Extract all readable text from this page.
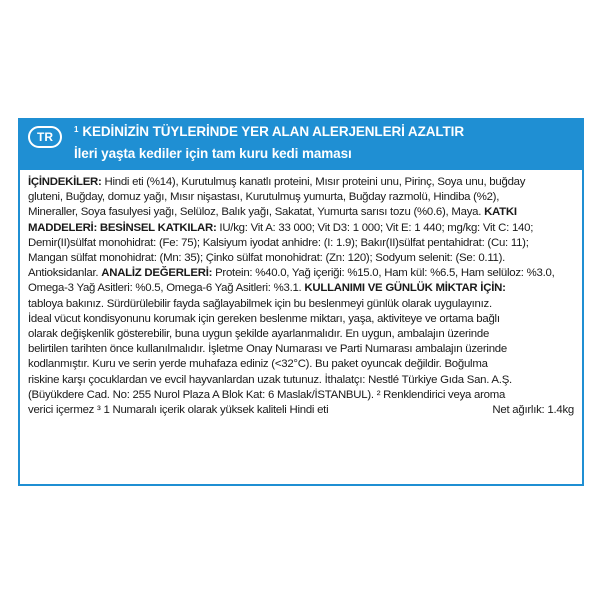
TR
$^1$ KEDİNİZİN TÜYLERİNDE YER ALAN ALERJENLERİ AZALTIR
İleri yaşta kediler için tam kuru kedi maması
İÇİNDEKİLER: Hindi eti (%14), Kurutulmuş kanatlı proteini, Mısır proteini unu, Pirinç, Soya unu, buğday
gluteni, Buğday, domuz yağı, Mısır nişastası, Kurutulmuş yumurta, Buğday razmolü, Hindiba (%2),
Mineraller, Soya fasulyesi yağı, Selüloz, Balık yağı, Sakatat, Yumurta sarısı tozu (%0.6), Maya. KATKI
MADDELERİ: BESİNSEL KATKILAR: IU/kg: Vit A: 33 000; Vit D3: 1 000; Vit E: 1 440; mg/kg: Vit C: 140;
Demir(II)sülfat monohidrat: (Fe: 75); Kalsiyum iyodat anhidre: (I: 1.9); Bakır(II)sülfat pentahidrat: (Cu: 11);
Mangan sülfat monohidrat: (Mn: 35); Çinko sülfat monohidrat: (Zn: 120); Sodyum selenit: (Se: 0.11).
Antioksidanlar. ANALİZ DEĞERLERİ: Protein: %40.0, Yağ içeriği: %15.0, Ham kül: %6.5, Ham selüloz: %3.0,
Omega-3 Yağ Asitleri: %0.5, Omega-6 Yağ Asitleri: %3.1. KULLANIMI VE GÜNLÜK MİKTAR İÇİN:
tabloya bakınız. Sürdürülebilir fayda sağlayabilmek için bu beslenmeyi günlük olarak uygulayınız.
İdeal vücut kondisyonunu korumak için gereken beslenme miktarı, yaşa, aktiviteye ve ortama bağlı
olarak değişkenlik gösterebilir, buna uygun şekilde ayarlanmalıdır. En uygun, ambalajın üzerinde
belirtilen tarihten önce kullanılmalıdır. İşletme Onay Numarası ve Parti Numarası ambalajın üzerinde
kodlanmıştır. Kuru ve serin yerde muhafaza ediniz (<32°C). Bu paket oyuncak değildir. Boğulma
riskine karşı çocuklardan ve evcil hayvanlardan uzak tutunuz. İthalatçı: Nestlé Türkiye Gıda San. A.Ş.
(Büyükdere Cad. No: 255 Nurol Plaza A Blok Kat: 6 Maslak/İSTANBUL). ² Renklendirici veya aroma
verici içermez ³ 1 Numaralı içerik olarak yüksek kaliteli Hindi eti	Net ağırlık: 1.4kg
